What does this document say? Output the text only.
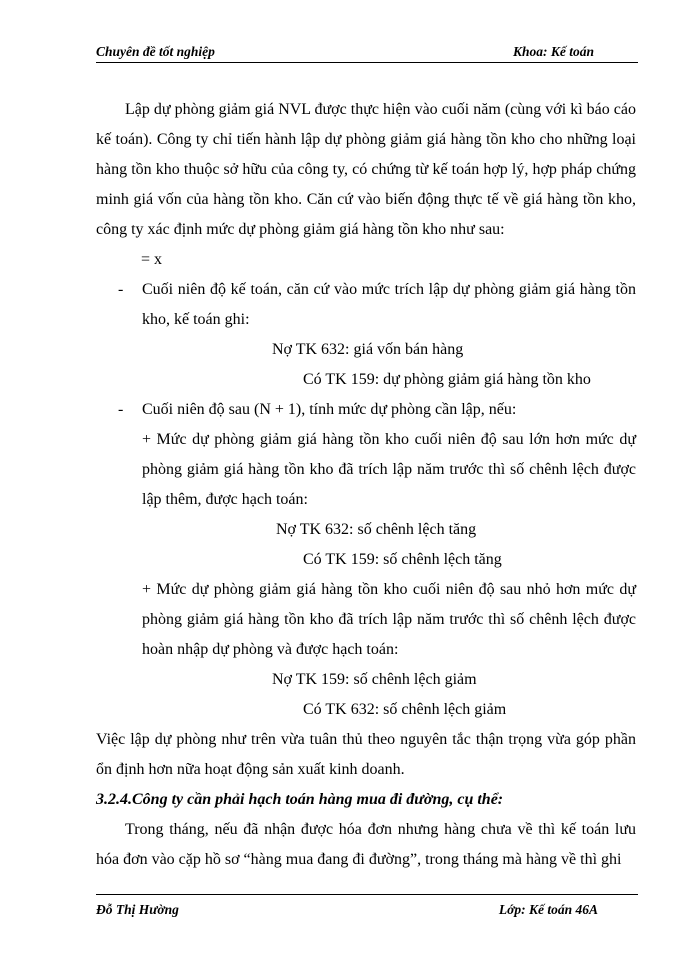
Chuyên đề tốt nghiệp	Khoa: Kế toán

Lập dự phòng giảm giá NVL được thực hiện vào cuối năm (cùng với kì báo cáo kế toán). Công ty chỉ tiến hành lập dự phòng giảm giá hàng tồn kho cho những loại hàng tồn kho thuộc sở hữu của công ty, có chứng từ kế toán hợp lý, hợp pháp chứng minh giá vốn của hàng tồn kho. Căn cứ vào biến động thực tế về giá hàng tồn kho, công ty xác định mức dự phòng giảm giá hàng tồn kho như sau:

= x

-	Cuối niên độ kế toán, căn cứ vào mức trích lập dự phòng giảm giá hàng tồn kho, kế toán ghi:

Nợ TK 632: giá vốn bán hàng

Có TK 159: dự phòng giảm giá hàng tồn kho

-	Cuối niên độ sau (N + 1), tính mức dự phòng cần lập, nếu:

+ Mức dự phòng giảm giá hàng tồn kho cuối niên độ sau lớn hơn mức dự phòng giảm giá hàng tồn kho đã trích lập năm trước thì số chênh lệch được lập thêm, được hạch toán:

Nợ TK 632: số chênh lệch tăng

Có TK 159: số chênh lệch tăng

+ Mức dự phòng giảm giá hàng tồn kho cuối niên độ sau nhỏ hơn mức dự phòng giảm giá hàng tồn kho đã trích lập năm trước thì số chênh lệch được hoàn nhập dự phòng và được hạch toán:

Nợ TK 159: số chênh lệch giảm

Có TK 632: số chênh lệch giảm

Việc lập dự phòng như trên vừa tuân thủ theo nguyên tắc thận trọng vừa góp phần ổn định hơn nữa hoạt động sản xuất kinh doanh.

3.2.4.Công ty cần phải hạch toán hàng mua đi đường, cụ thể:

Trong tháng, nếu đã nhận được hóa đơn nhưng hàng chưa về thì kế toán lưu hóa đơn vào cặp hồ sơ “hàng mua đang đi đường”, trong tháng mà hàng về thì ghi

Đỗ Thị Hường	Lớp: Kế toán 46A
